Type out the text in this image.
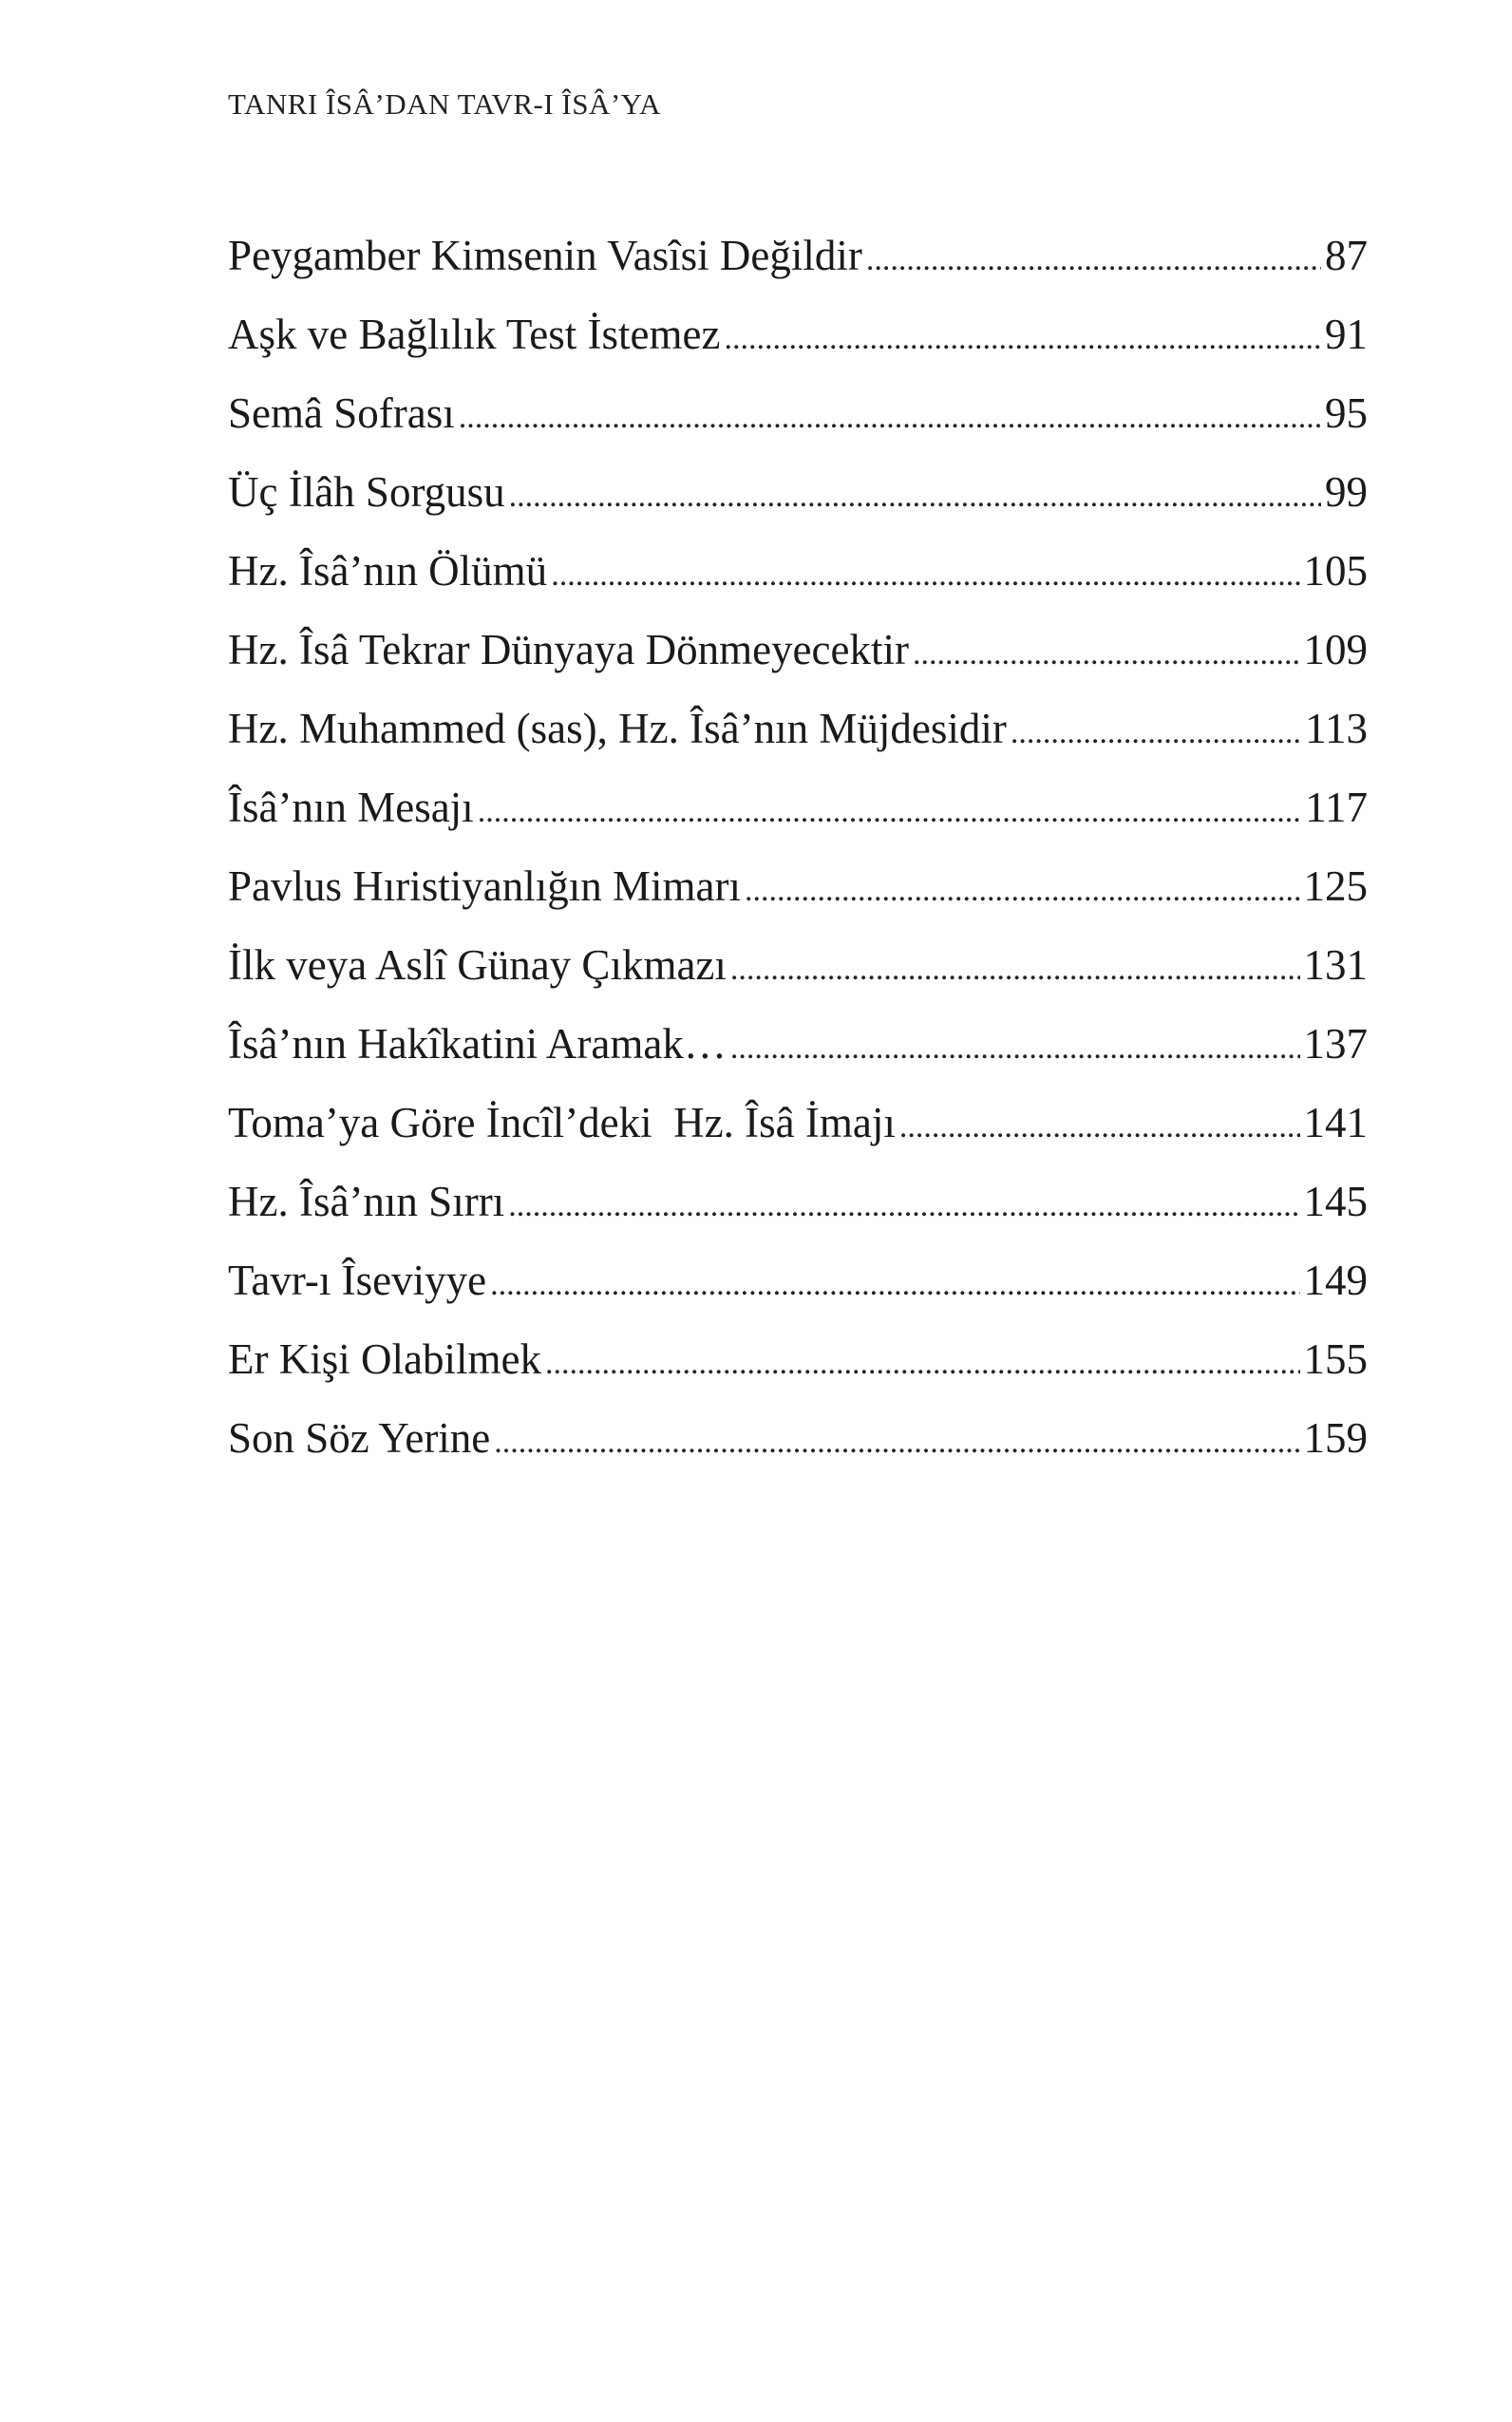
TANRI ÎSÂ’DAN TAVR-I ÎSÂ’YA
Peygamber Kimsenin Vasîsi Değildir .....	87
Aşk ve Bağlılık Test İstemez .....	91
Semâ Sofrası .....	95
Üç İlâh Sorgusu .....	99
Hz. Îsâ’nın Ölümü .....	105
Hz. Îsâ Tekrar Dünyaya Dönmeyecektir .....	109
Hz. Muhammed (sas), Hz. Îsâ’nın Müjdesidir .....	113
Îsâ’nın Mesajı .....	117
Pavlus Hıristiyanlığın Mimarı .....	125
İlk veya Aslî Günay Çıkmazı .....	131
Îsâ’nın Hakîkatini Aramak… .....	137
Toma’ya Göre İncîl’deki  Hz. Îsâ İmajı .....	141
Hz. Îsâ’nın Sırrı .....	145
Tavr-ı Îseviyye .....	149
Er Kişi Olabilmek .....	155
Son Söz Yerine .....	159
